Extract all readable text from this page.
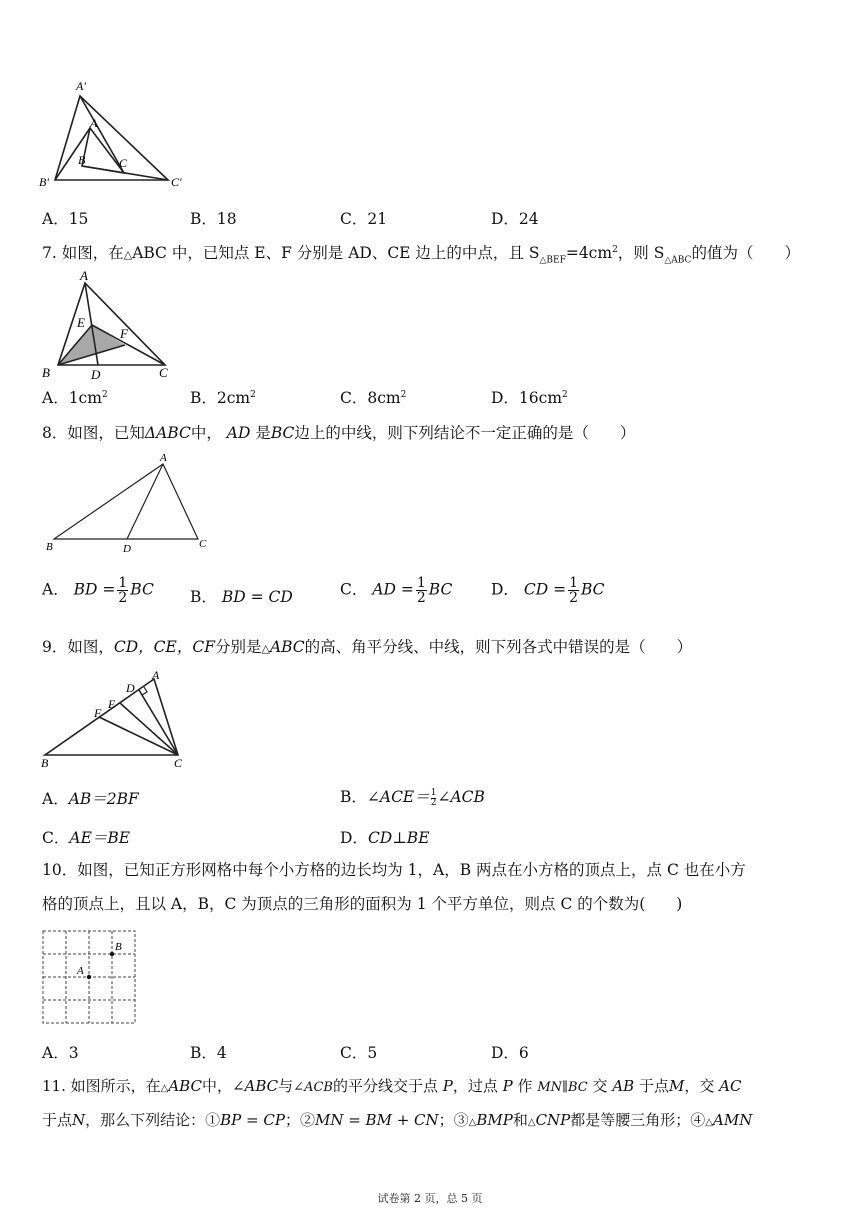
A′
A
B	C
B′	C′
A．15	B．18	C．21	D．24
7. 如图，在△ABC 中，已知点 E、F 分别是 AD、CE 边上的中点，且 $S_{\triangle BEF}=4cm^2$，则 $S_{\triangle ABC}$的值为（　　）
A
E
F
B	D	C
A．$1cm^2$	B．$2cm^2$	C．$8cm^2$	D．$16cm^2$
8．如图，已知ΔABC中， AD 是BC边上的中线，则下列结论不一定正确的是（　　）
A
B	D	C
A． BD = $\frac{1}{2}$ BC B． BD = CD	C． AD = $\frac{1}{2}$ BC D． CD = $\frac{1}{2}$ BC
9．如图，CD，CE，CF分别是△ABC的高、角平分线、中线，则下列各式中错误的是（　　）
A
D
E
F
B	C
A．AB＝2BF	B．∠ACE＝ $\frac{1}{2}\angle ACB$
C．AE＝BE	D．CD⊥BE
10．如图，已知正方形网格中每个小方格的边长均为 1，A，B 两点在小方格的顶点上，点 C 也在小方
格的顶点上，且以 A，B，C 为顶点的三角形的面积为 1 个平方单位，则点 C 的个数为(　　)
A
B
A．3	B．4	C．5	D．6
11. 如图所示，在△ABC中，∠ABC与∠ACB的平分线交于点 P，过点 P 作 MN∥BC 交 AB 于点M，交 AC
于点N，那么下列结论：①BP = CP；②MN = BM + CN；③△BMP和△CNP都是等腰三角形；④△AMN
试卷第 2 页，总 5 页
